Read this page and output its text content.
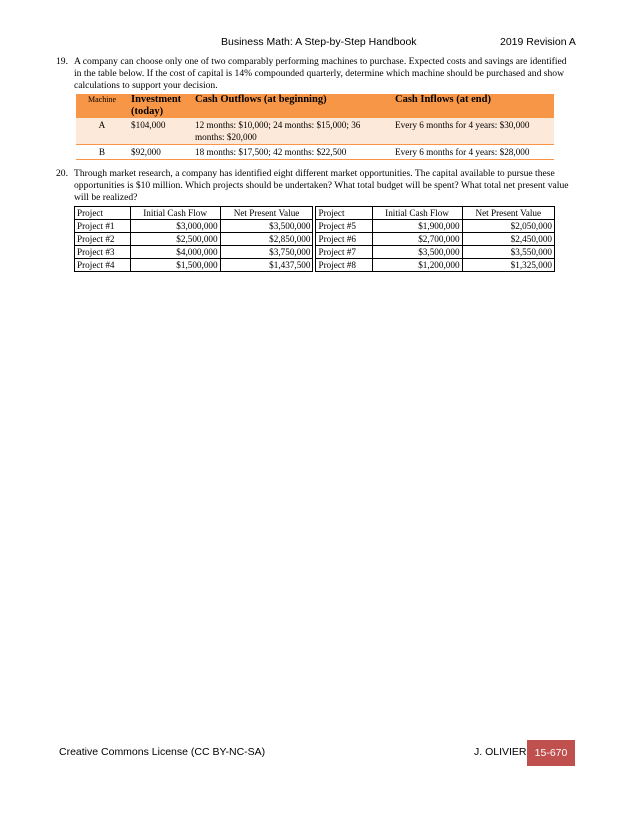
Business Math: A Step-by-Step Handbook	2019 Revision A
19. A company can choose only one of two comparably performing machines to purchase. Expected costs and savings are identified in the table below. If the cost of capital is 14% compounded quarterly, determine which machine should be purchased and show calculations to support your decision.
Machine	Investment (today)	Cash Outflows (at beginning)	Cash Inflows (at end)
A	$104,000	12 months: $10,000; 24 months: $15,000; 36 months: $20,000	Every 6 months for 4 years: $30,000
B	$92,000	18 months: $17,500; 42 months: $22,500	Every 6 months for 4 years: $28,000
20. Through market research, a company has identified eight different market opportunities. The capital available to pursue these opportunities is $10 million. Which projects should be undertaken? What total budget will be spent? What total net present value will be realized?
Project	Initial Cash Flow	Net Present Value	Project	Initial Cash Flow	Net Present Value
Project #1	$3,000,000	$3,500,000	Project #5	$1,900,000	$2,050,000
Project #2	$2,500,000	$2,850,000	Project #6	$2,700,000	$2,450,000
Project #3	$4,000,000	$3,750,000	Project #7	$3,500,000	$3,550,000
Project #4	$1,500,000	$1,437,500	Project #8	$1,200,000	$1,325,000
Creative Commons License (CC BY-NC-SA)	J. OLIVIER 15-670
